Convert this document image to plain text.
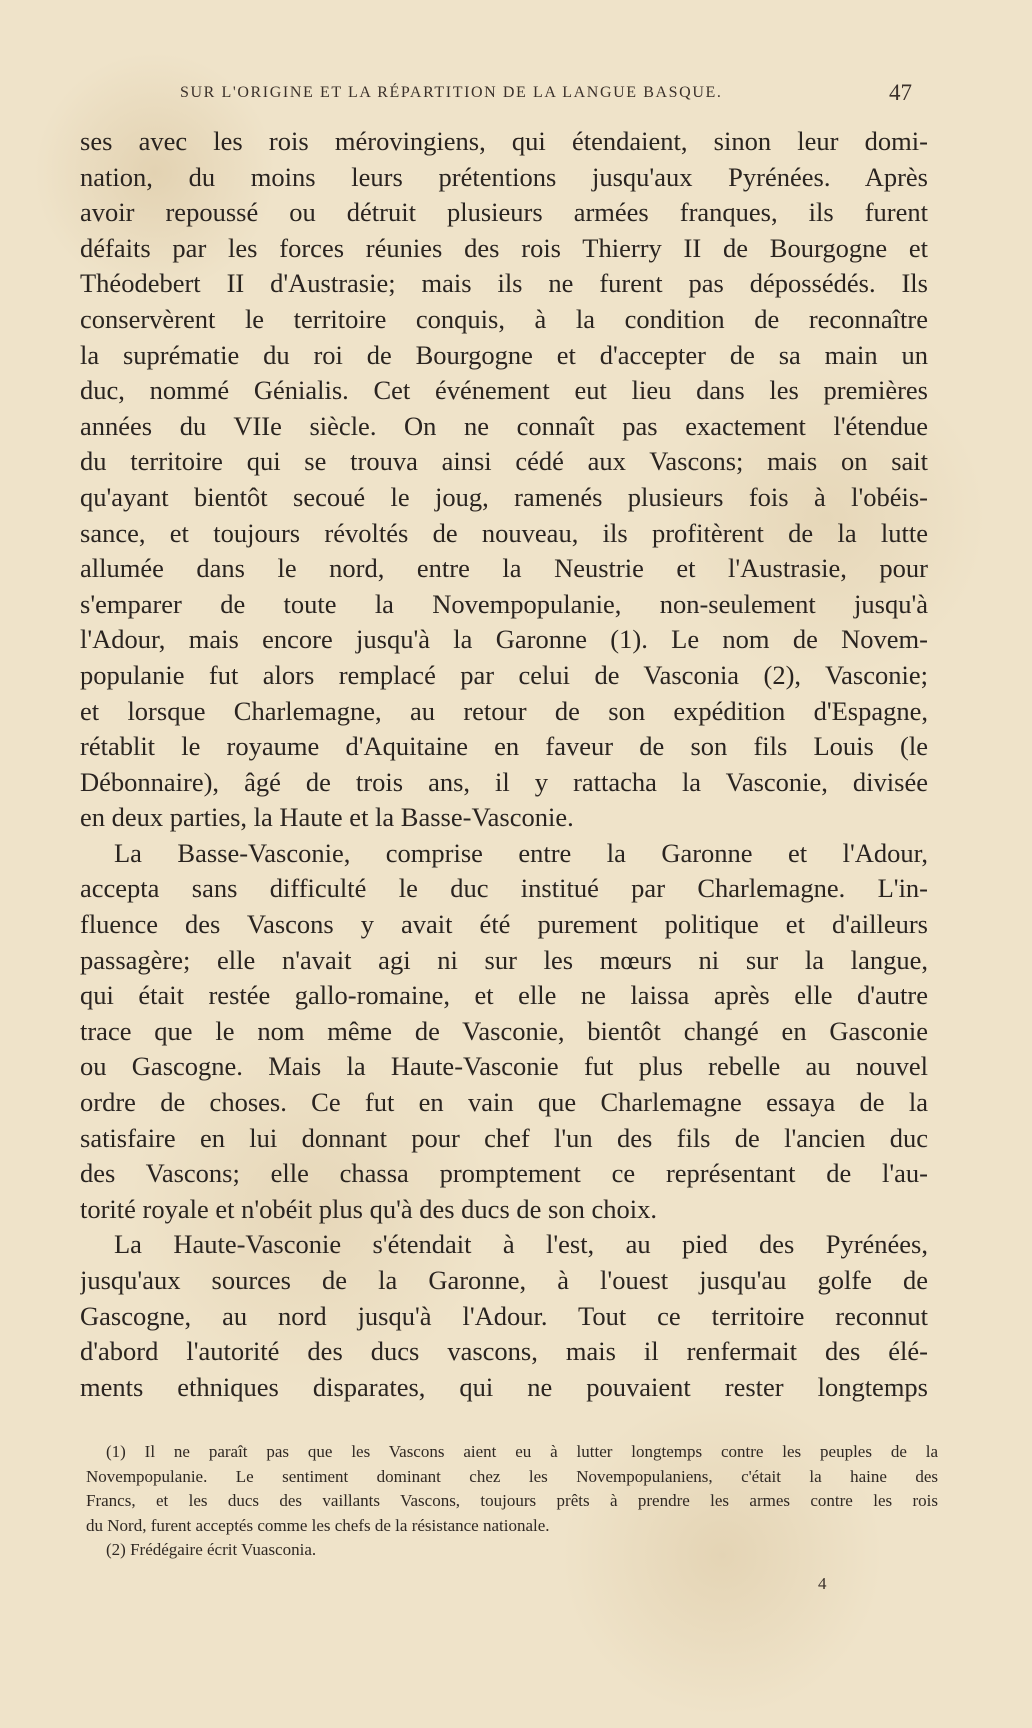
SUR L'ORIGINE ET LA RÉPARTITION DE LA LANGUE BASQUE.	47
ses avec les rois mérovingiens, qui étendaient, sinon leur domi-
nation, du moins leurs prétentions jusqu'aux Pyrénées. Après
avoir repoussé ou détruit plusieurs armées franques, ils furent
défaits par les forces réunies des rois Thierry II de Bourgogne et
Théodebert II d'Austrasie; mais ils ne furent pas dépossédés. Ils
conservèrent le territoire conquis, à la condition de reconnaître
la suprématie du roi de Bourgogne et d'accepter de sa main un
duc, nommé Génialis. Cet événement eut lieu dans les premières
années du VIIe siècle. On ne connaît pas exactement l'étendue
du territoire qui se trouva ainsi cédé aux Vascons; mais on sait
qu'ayant bientôt secoué le joug, ramenés plusieurs fois à l'obéis-
sance, et toujours révoltés de nouveau, ils profitèrent de la lutte
allumée dans le nord, entre la Neustrie et l'Austrasie, pour
s'emparer de toute la Novempopulanie, non-seulement jusqu'à
l'Adour, mais encore jusqu'à la Garonne (1). Le nom de Novem-
populanie fut alors remplacé par celui de Vasconia (2), Vasconie;
et lorsque Charlemagne, au retour de son expédition d'Espagne,
rétablit le royaume d'Aquitaine en faveur de son fils Louis (le
Débonnaire), âgé de trois ans, il y rattacha la Vasconie, divisée
en deux parties, la Haute et la Basse-Vasconie.
La Basse-Vasconie, comprise entre la Garonne et l'Adour,
accepta sans difficulté le duc institué par Charlemagne. L'in-
fluence des Vascons y avait été purement politique et d'ailleurs
passagère; elle n'avait agi ni sur les mœurs ni sur la langue,
qui était restée gallo-romaine, et elle ne laissa après elle d'autre
trace que le nom même de Vasconie, bientôt changé en Gasconie
ou Gascogne. Mais la Haute-Vasconie fut plus rebelle au nouvel
ordre de choses. Ce fut en vain que Charlemagne essaya de la
satisfaire en lui donnant pour chef l'un des fils de l'ancien duc
des Vascons; elle chassa promptement ce représentant de l'au-
torité royale et n'obéit plus qu'à des ducs de son choix.
La Haute-Vasconie s'étendait à l'est, au pied des Pyrénées,
jusqu'aux sources de la Garonne, à l'ouest jusqu'au golfe de
Gascogne, au nord jusqu'à l'Adour. Tout ce territoire reconnut
d'abord l'autorité des ducs vascons, mais il renfermait des élé-
ments ethniques disparates, qui ne pouvaient rester longtemps
(1) Il ne paraît pas que les Vascons aient eu à lutter longtemps contre les peuples de la
Novempopulanie. Le sentiment dominant chez les Novempopulaniens, c'était la haine des
Francs, et les ducs des vaillants Vascons, toujours prêts à prendre les armes contre les rois
du Nord, furent acceptés comme les chefs de la résistance nationale.
(2) Frédégaire écrit Vuasconia.
4
